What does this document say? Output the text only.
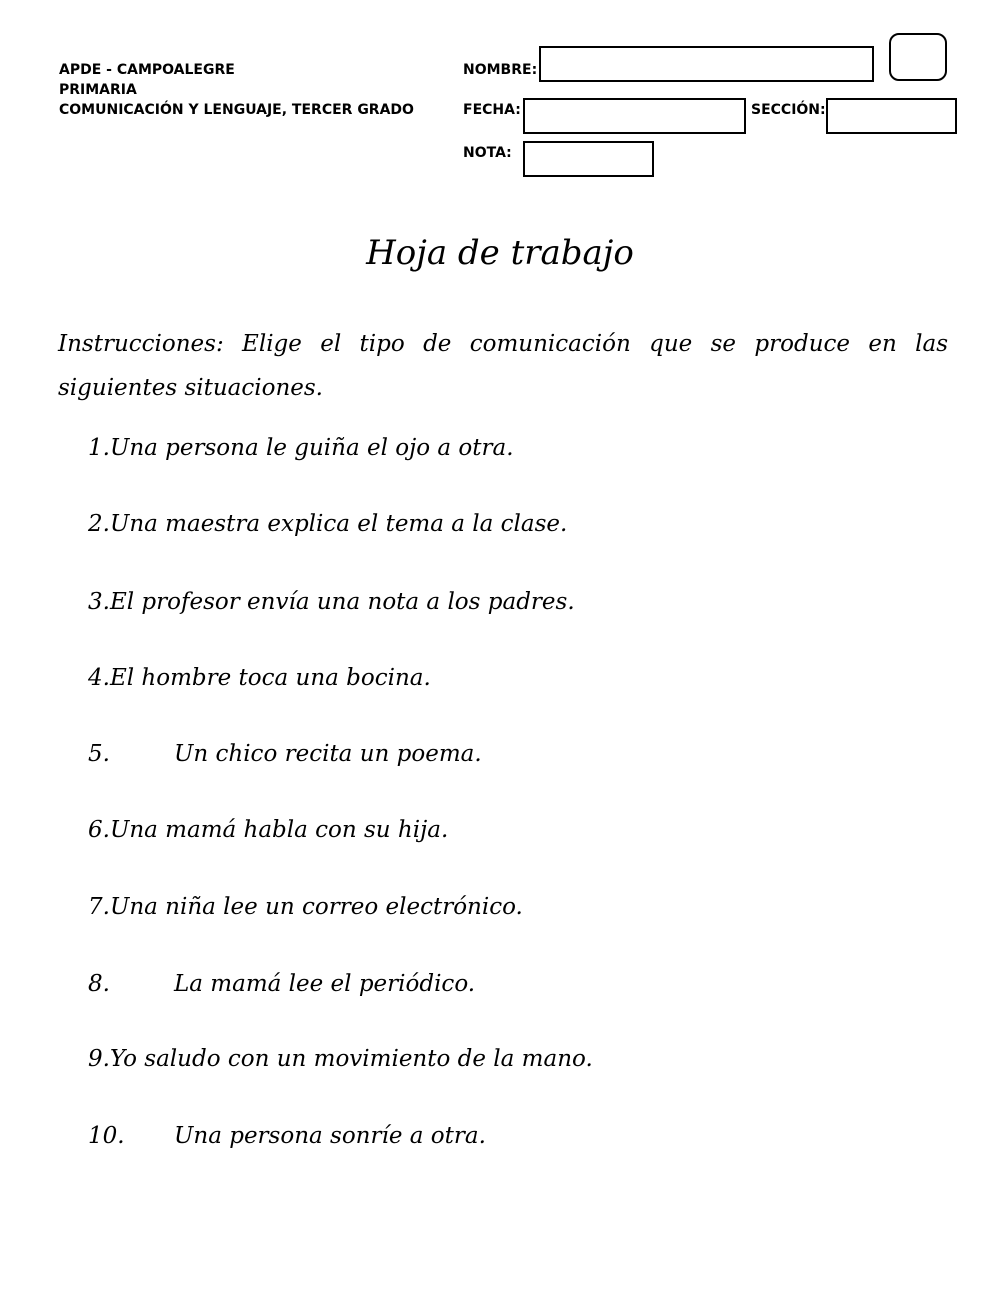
APDE - CAMPOALEGRE
PRIMARIA
COMUNICACIÓN Y LENGUAJE, TERCER GRADO
NOMBRE:
FECHA:	SECCIÓN:
NOTA:
Hoja de trabajo
Instrucciones: Elige el tipo de comunicación que se produce en las siguientes situaciones.
1.Una persona le guiña el ojo a otra.
2.Una maestra explica el tema a la clase.
3.El profesor envía una nota a los padres.
4.El hombre toca una bocina.
5.	Un chico recita un poema.
6.Una mamá habla con su hija.
7.Una niña lee un correo electrónico.
8.	La mamá lee el periódico.
9.Yo saludo con un movimiento de la mano.
10. Una persona sonríe a otra.
